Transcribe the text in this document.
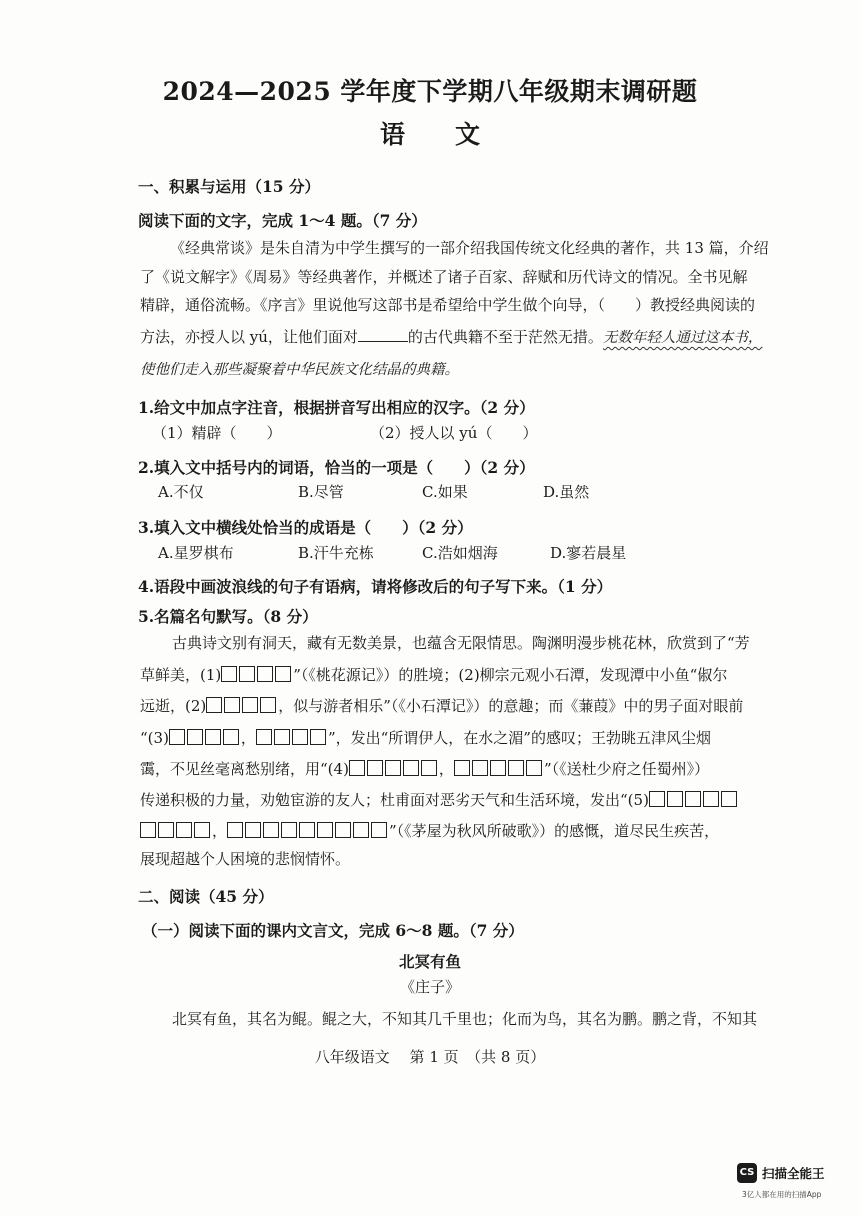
2024—2025 学年度下学期八年级期末调研题
语　　文
一、积累与运用（15 分）
阅读下面的文字，完成 1～4 题。（7 分）
《经典常谈》是朱自清为中学生撰写的一部介绍我国传统文化经典的著作，共 13 篇，介绍
了《说文解字》《周易》等经典著作，并概述了诸子百家、辞赋和历代诗文的情况。全书见解
精辟，通俗流畅。《序言》里说他写这部书是希望给中学生做个向导，（　　）教授经典阅读的
方法，亦授人以 yú，让他们面对	的古代典籍不至于茫然无措。无数年轻人通过这本书，
使他们走入那些凝聚着中华民族文化结晶的典籍。
1.给文中加点字注音，根据拼音写出相应的汉字。（2 分）
（1）精辟（　　）	（2）授人以 yú（　　）
2.填入文中括号内的词语，恰当的一项是（　　）（2 分）
A.不仅	B.尽管	C.如果	D.虽然
3.填入文中横线处恰当的成语是（　　）（2 分）
A.星罗棋布	B.汗牛充栋	C.浩如烟海	D.寥若晨星
4.语段中画波浪线的句子有语病，请将修改后的句子写下来。（1 分）
5.名篇名句默写。（8 分）
古典诗文别有洞天，藏有无数美景，也蕴含无限情思。陶渊明漫步桃花林，欣赏到了“芳
草鲜美，(1)	”（《桃花源记》）的胜境；(2)柳宗元观小石潭，发现潭中小鱼“俶尔
远逝，(2)	，似与游者相乐”（《小石潭记》）的意趣；而《蒹葭》中的男子面对眼前
“(3)	，	”，发出“所谓伊人，在水之湄”的感叹；王勃眺五津风尘烟
霭，不见丝毫离愁别绪，用“(4)	，	”（《送杜少府之任蜀州》）
传递积极的力量，劝勉宦游的友人；杜甫面对恶劣天气和生活环境，发出“(5)
，	”（《茅屋为秋风所破歌》）的感慨，道尽民生疾苦，
展现超越个人困境的悲悯情怀。
二、阅读（45 分）
（一）阅读下面的课内文言文，完成 6～8 题。（7 分）
北冥有鱼
《庄子》
北冥有鱼，其名为鲲。鲲之大，不知其几千里也；化而为鸟，其名为鹏。鹏之背，不知其
八年级语文　 第 1 页　（共 8 页）
CS 扫描全能王
3亿人都在用的扫描App
